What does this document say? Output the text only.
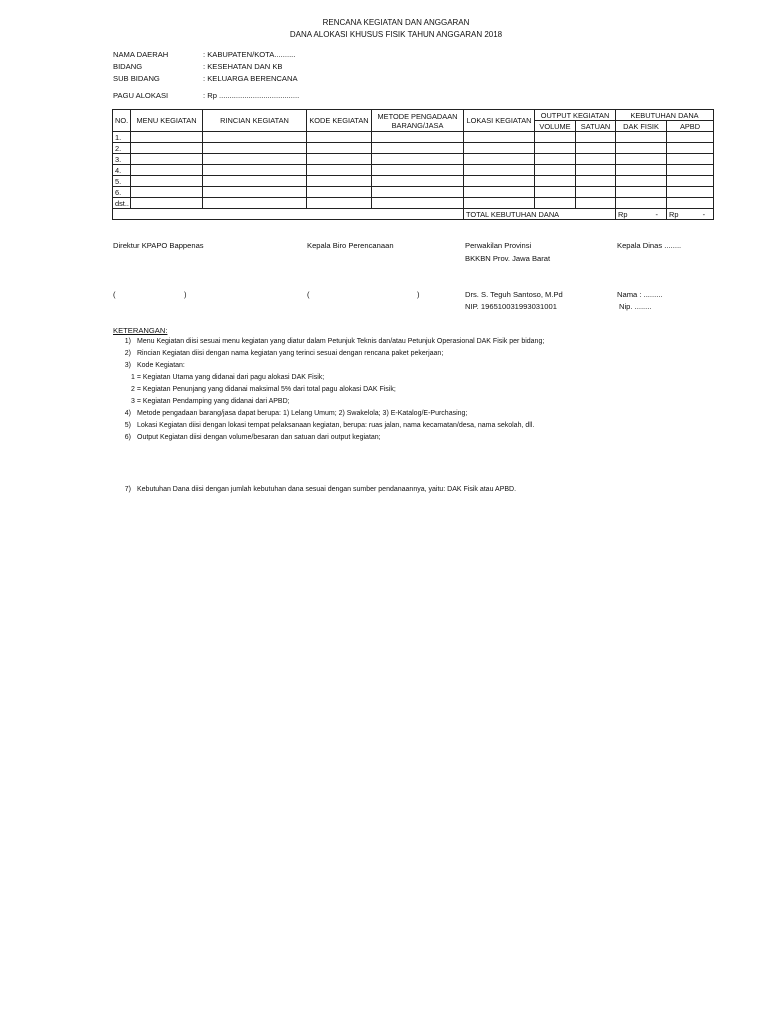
RENCANA KEGIATAN DAN ANGGARAN
DANA ALOKASI KHUSUS FISIK TAHUN ANGGARAN 2018
NAMA DAERAH	: KABUPATEN/KOTA..........
BIDANG	: KESEHATAN DAN KB
SUB BIDANG	: KELUARGA BERENCANA
PAGU ALOKASI	: Rp ......................................
NO.	MENU KEGIATAN	RINCIAN KEGIATAN	KODE KEGIATAN	METODE PENGADAAN BARANG/JASA	LOKASI KEGIATAN	OUTPUT KEGIATAN		KEBUTUHAN DANA	
						VOLUME	SATUAN	DAK FISIK	APBD
1.									
2.									
3.									
4.									
5.									
6.									
dst..									
					TOTAL KEBUTUHAN DANA			Rp -	Rp -
Direktur KPAPO Bappenas
(	)
Kepala Biro Perencanaan
(	)
Perwakilan Provinsi
BKKBN Prov. Jawa Barat
Drs. S. Teguh Santoso, M.Pd
NIP. 196510031993031001
Kepala Dinas ........
Nama : .........
Nip. ........
KETERANGAN:
1) Menu Kegiatan diisi sesuai menu kegiatan yang diatur dalam Petunjuk Teknis dan/atau Petunjuk Operasional DAK Fisik per bidang;
2) Rincian Kegiatan diisi dengan nama kegiatan yang terinci sesuai dengan rencana paket pekerjaan;
3) Kode Kegiatan:
1 = Kegiatan Utama yang didanai dari pagu alokasi DAK Fisik;
2 = Kegiatan Penunjang yang didanai maksimal 5% dari total pagu alokasi DAK Fisik;
3 = Kegiatan Pendamping yang didanai dari APBD;
4) Metode pengadaan barang/jasa dapat berupa: 1) Lelang Umum; 2) Swakelola; 3) E-Katalog/E-Purchasing;
5) Lokasi Kegiatan diisi dengan lokasi tempat pelaksanaan kegiatan, berupa: ruas jalan, nama kecamatan/desa, nama sekolah, dll.
6) Output Kegiatan diisi dengan volume/besaran dan satuan dari output kegiatan;
7) Kebutuhan Dana diisi dengan jumlah kebutuhan dana sesuai dengan sumber pendanaannya, yaitu: DAK Fisik atau APBD.
